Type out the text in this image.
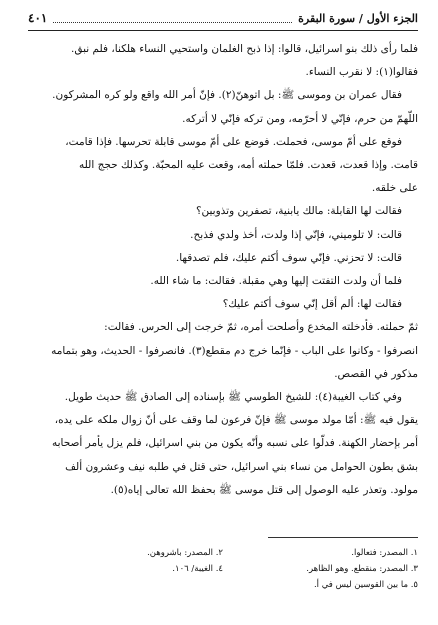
الجزء الأول / سورة البقرة
٤٠١

فلما رأى ذلك بنو اسرائيل، قالوا: إذا ذبح الغلمان واستحيي النساء هلكنا، فلم نبق.

فقالوا(١): لا نقرب النساء.

فقال عمران بن وموسى ﷺ: بل اتوهنّ(٢). فإنّ أمر الله واقع ولو كره المشركون.

اللّهمّ من حرم، فإنّي لا أحرّمه، ومن تركه فإنّي لا أتركه.

فوقع على أمّ موسى، فحملت. فوضع على أمّ موسى قابلة تحرسها. فإذا قامت،

قامت. وإذا قعدت، قعدت. فلمّا حملته أمه، وقعت عليه المحبّة. وكذلك حجج الله

على خلقه.

فقالت لها القابلة: مالك يابنية، تصفرين وتذوبين؟

قالت: لا تلوميني، فإنّي إذا ولدت، أخذ ولدي فذبح.

قالت: لا تحزني. فإنّي سوف أكتم عليك، فلم تصدقها.

فلما أن ولدت التفتت إليها وهي مقبلة. فقالت: ما شاء الله.

فقالت لها: ألم أقل إنّي سوف أكتم عليك؟

ثمّ حملته. فأدخلته المخدع وأصلحت أمره، ثمّ خرجت إلى الحرس. فقالت:

انصرفوا - وكانوا على الباب - فإنّما خرج دم مقطع(٣). فانصرفوا - الحديث، وهو بتمامه

مذكور في القصص.

وفي كتاب الغيبة(٤): للشيخ الطوسي ﷺ بإسناده إلى الصادق ﷺ حديث طويل.

يقول فيه ﷺ: أمّا مولد موسى ﷺ فإنّ فرعون لما وقف على أنّ زوال ملكه على يده،

أمر بإحضار الكهنة. فدلّوا على نسبه وأنّه يكون من بني اسرائيل، فلم يزل يأمر أصحابه

بشق بطون الحوامل من نساء بني اسرائيل، حتى قتل في طلبه نيف وعشرون ألف

مولود. وتعذر عليه الوصول إلى قتل موسى ﷺ بحفظ الله تعالى إياه(٥).

١. المصدر: فتعالوا.
٢. المصدر: باشروهن.
٣. المصدر: منقطع. وهو الظاهر.
٤. الغيبة/ ١٠٦.
٥. ما بين القوسين ليس في أ.
